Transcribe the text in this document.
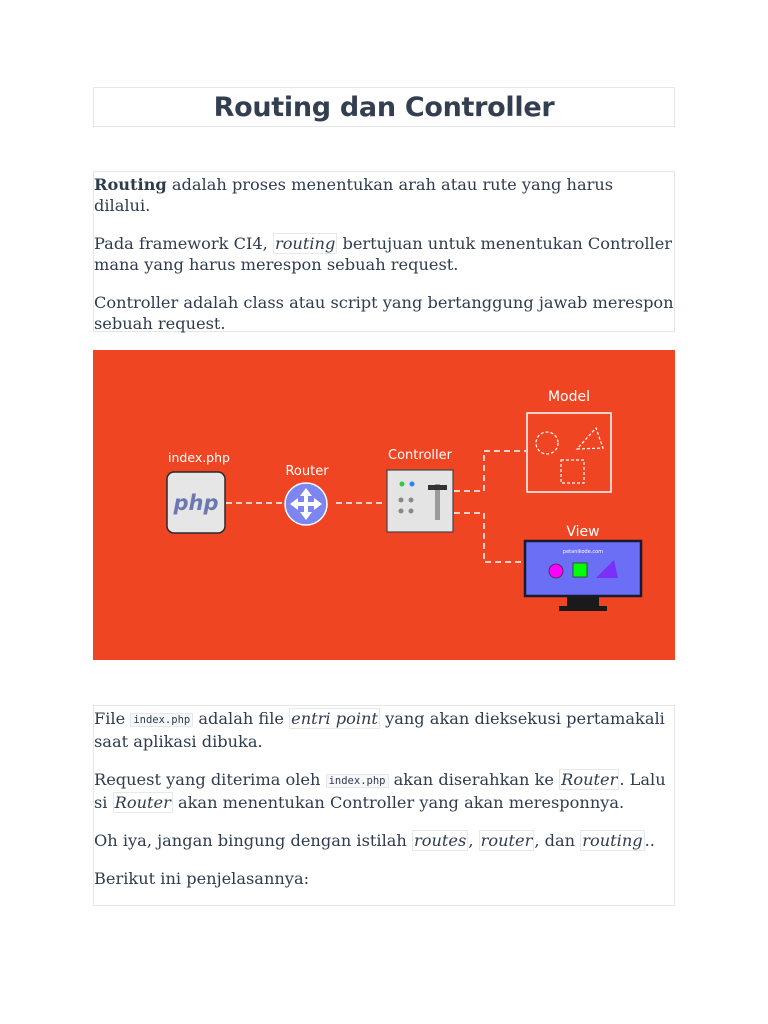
Routing dan Controller

Routing adalah proses menentukan arah atau rute yang harus dilalui.

Pada framework CI4, routing bertujuan untuk menentukan Controller mana yang harus merespon sebuah request.

Controller adalah class atau script yang bertanggung jawab merespon sebuah request.

index.php
php
Router
Controller
Model
View
petanikode.com

File index.php adalah file entri point yang akan dieksekusi pertamakali saat aplikasi dibuka.

Request yang diterima oleh index.php akan diserahkan ke Router . Lalu si Router akan menentukan Controller yang akan meresponnya.

Oh iya, jangan bingung dengan istilah routes , router , dan routing ..

Berikut ini penjelasannya:
